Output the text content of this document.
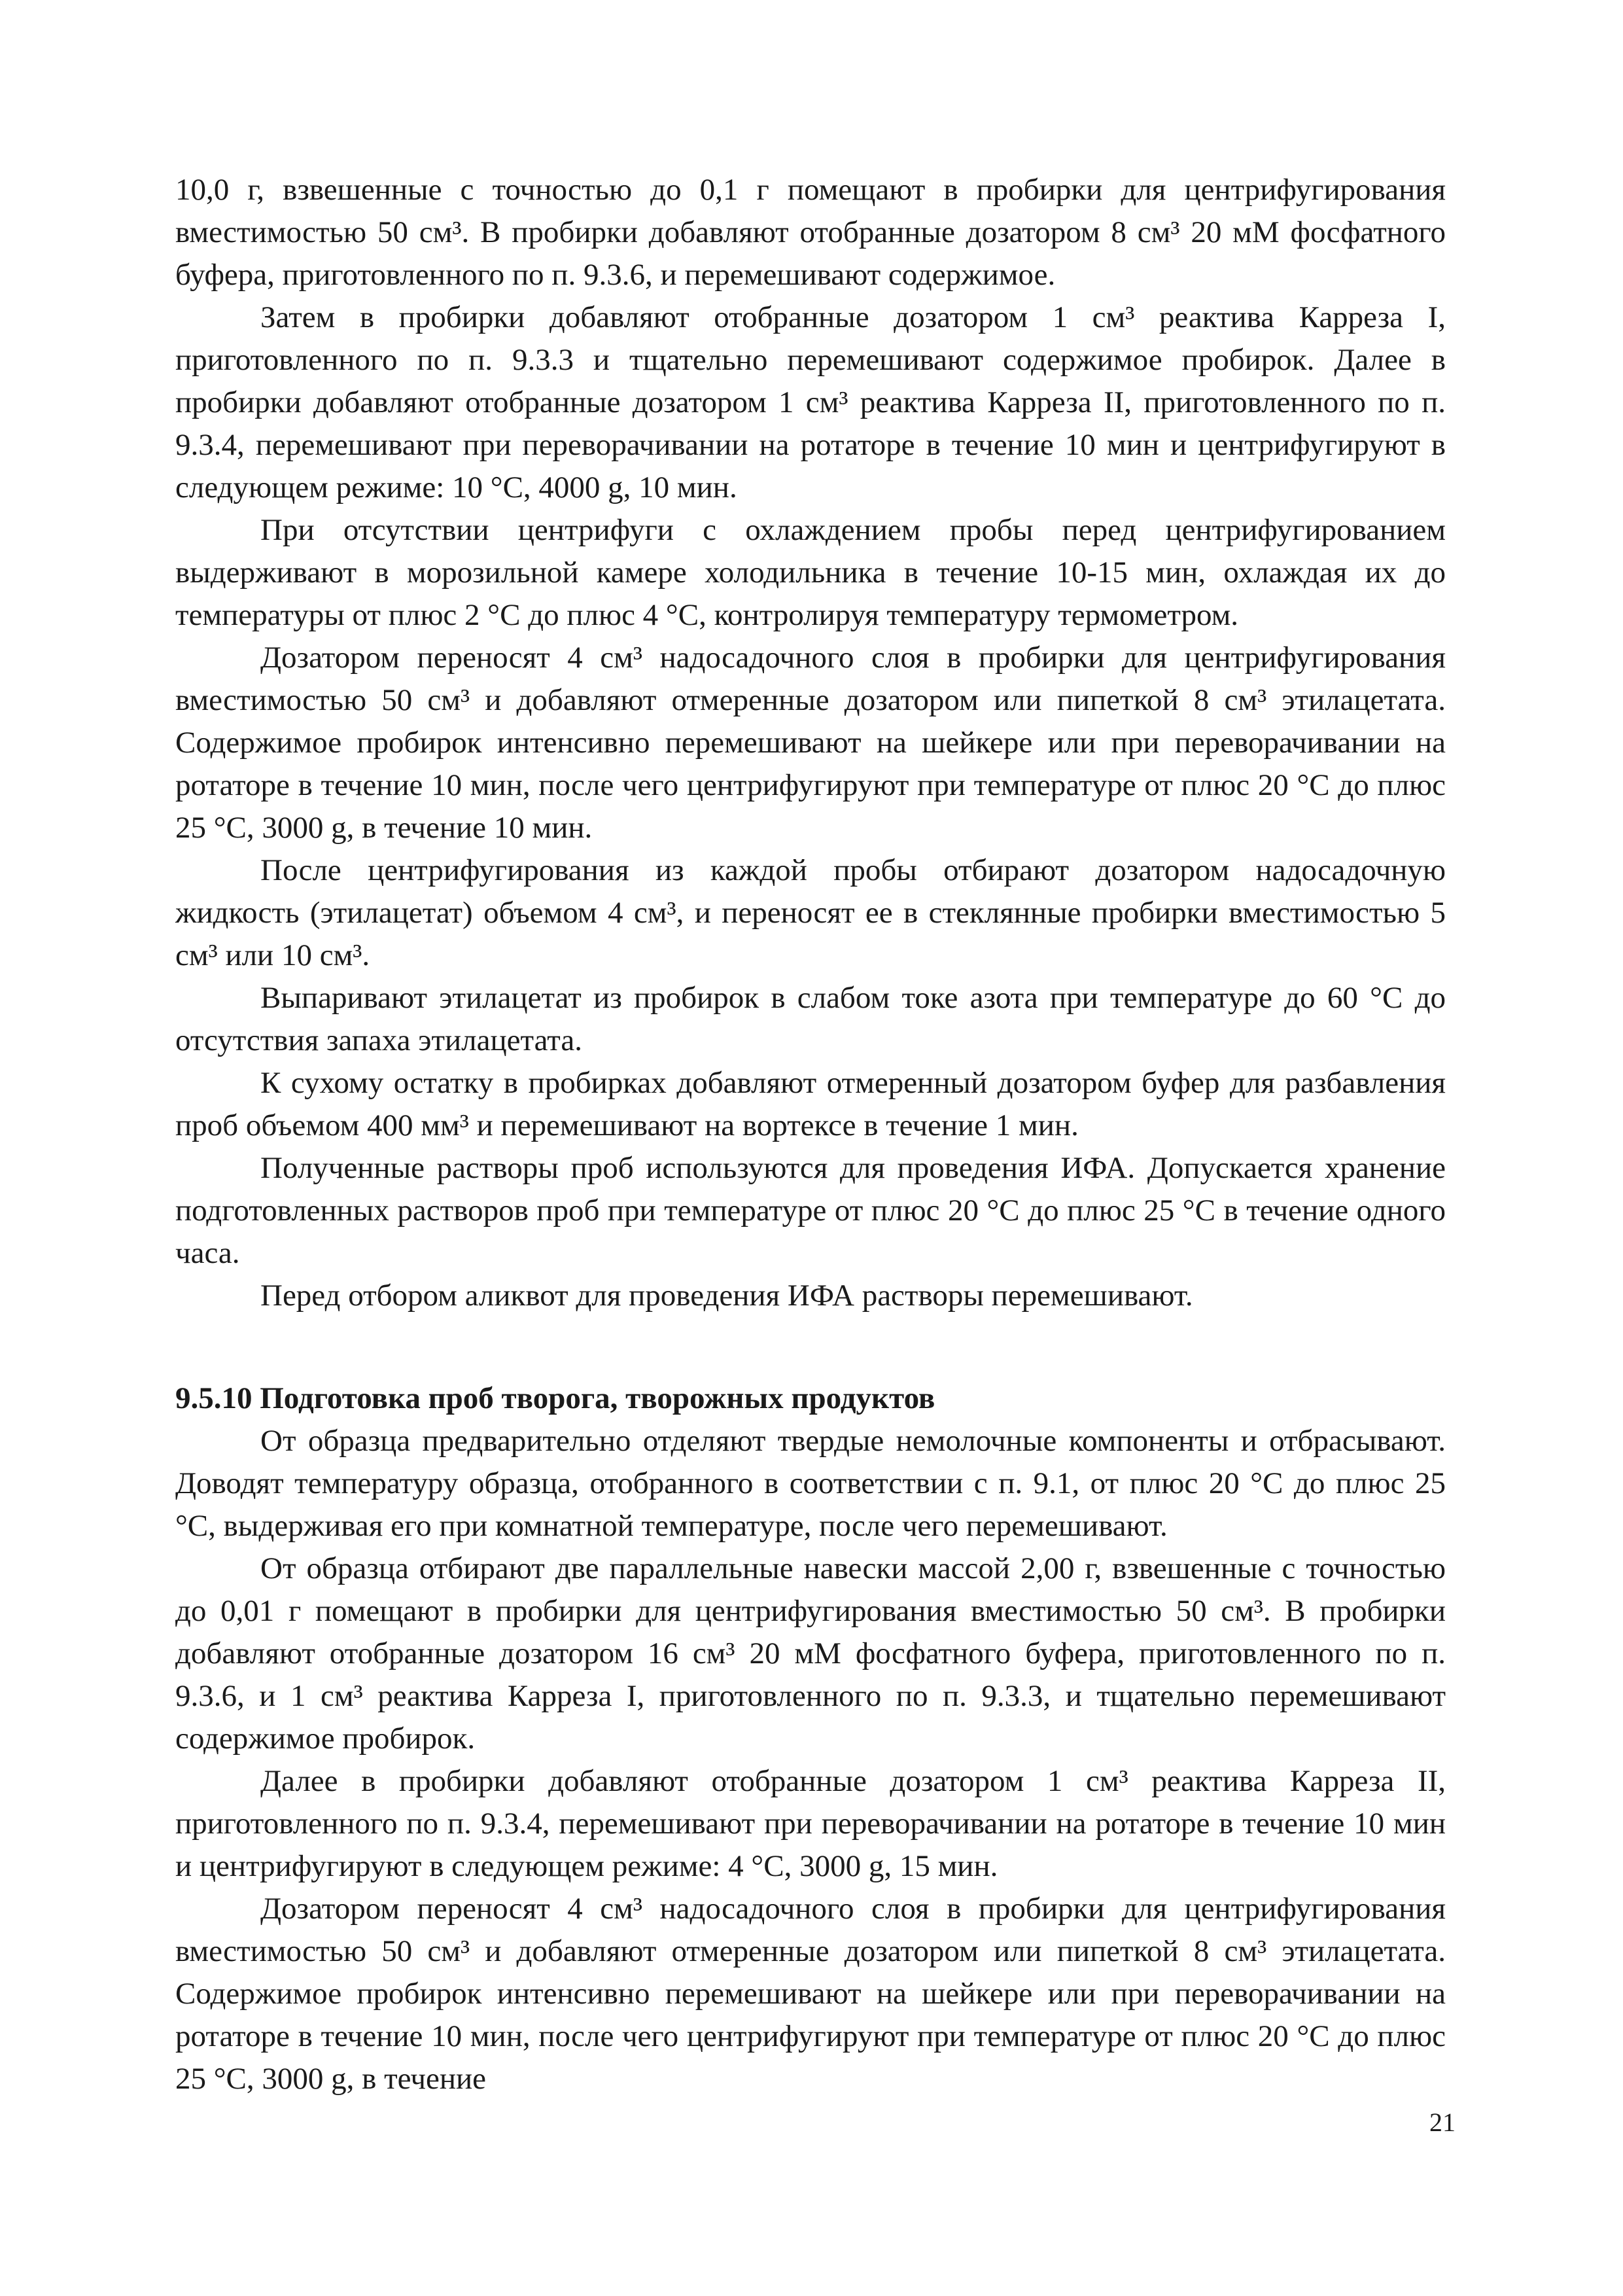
10,0 г, взвешенные с точностью до 0,1 г помещают в пробирки для центрифугирования вместимостью 50 см³. В пробирки добавляют отобранные дозатором 8 см³ 20 мМ фосфатного буфера, приготовленного по п. 9.3.6, и перемешивают содержимое.

Затем в пробирки добавляют отобранные дозатором 1 см³ реактива Карреза I, приготовленного по п. 9.3.3 и тщательно перемешивают содержимое пробирок. Далее в пробирки добавляют отобранные дозатором 1 см³ реактива Карреза II, приготовленного по п. 9.3.4, перемешивают при переворачивании на ротаторе в течение 10 мин и центрифугируют в следующем режиме: 10 °С, 4000 g, 10 мин.

При отсутствии центрифуги с охлаждением пробы перед центрифугированием выдерживают в морозильной камере холодильника в течение 10-15 мин, охлаждая их до температуры от плюс 2 °С до плюс 4 °С, контролируя температуру термометром.

Дозатором переносят 4 см³ надосадочного слоя в пробирки для центрифугирования вместимостью 50 см³ и добавляют отмеренные дозатором или пипеткой 8 см³ этилацетата. Содержимое пробирок интенсивно перемешивают на шейкере или при переворачивании на ротаторе в течение 10 мин, после чего центрифугируют при температуре от плюс 20 °С до плюс 25 °С, 3000 g, в течение 10 мин.

После центрифугирования из каждой пробы отбирают дозатором надосадочную жидкость (этилацетат) объемом 4 см³, и переносят ее в стеклянные пробирки вместимостью 5 см³ или 10 см³.

Выпаривают этилацетат из пробирок в слабом токе азота при температуре до 60 °С до отсутствия запаха этилацетата.

К сухому остатку в пробирках добавляют отмеренный дозатором буфер для разбавления проб объемом 400 мм³ и перемешивают на вортексе в течение 1 мин.

Полученные растворы проб используются для проведения ИФА. Допускается хранение подготовленных растворов проб при температуре от плюс 20 °С до плюс 25 °С в течение одного часа.

Перед отбором аликвот для проведения ИФА растворы перемешивают.

9.5.10 Подготовка проб творога, творожных продуктов

От образца предварительно отделяют твердые немолочные компоненты и отбрасывают. Доводят температуру образца, отобранного в соответствии с п. 9.1, от плюс 20 °С до плюс 25 °С, выдерживая его при комнатной температуре, после чего перемешивают.

От образца отбирают две параллельные навески массой 2,00 г, взвешенные с точностью до 0,01 г помещают в пробирки для центрифугирования вместимостью 50 см³. В пробирки добавляют отобранные дозатором 16 см³ 20 мМ фосфатного буфера, приготовленного по п. 9.3.6, и 1 см³ реактива Карреза I, приготовленного по п. 9.3.3, и тщательно перемешивают содержимое пробирок.

Далее в пробирки добавляют отобранные дозатором 1 см³ реактива Карреза II, приготовленного по п. 9.3.4, перемешивают при переворачивании на ротаторе в течение 10 мин и центрифугируют в следующем режиме: 4 °С, 3000 g, 15 мин.

Дозатором переносят 4 см³ надосадочного слоя в пробирки для центрифугирования вместимостью 50 см³ и добавляют отмеренные дозатором или пипеткой 8 см³ этилацетата. Содержимое пробирок интенсивно перемешивают на шейкере или при переворачивании на ротаторе в течение 10 мин, после чего центрифугируют при температуре от плюс 20 °С до плюс 25 °С, 3000 g, в течение

21
